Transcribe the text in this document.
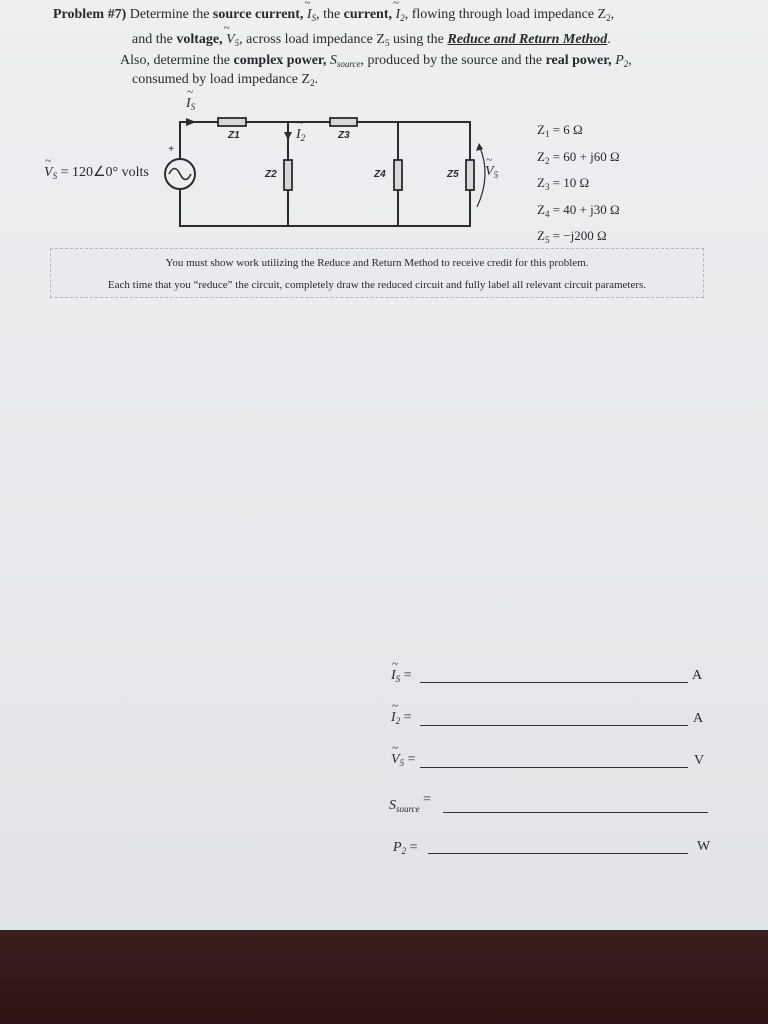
Problem #7) Determine the source current,~ $I_S$, the current,~ $I_2$, flowing through load impedance $Z_2$,
and the voltage,~ $V_5$, across load impedance $Z_5$ using the Reduce and Return Method.
Also, determine the complex power, $S_{source}$, produced by the source and the real power, $P_2$,
consumed by load impedance $Z_2$.
~ $I_S$
~ $I_2$
~ $V_5$
+
~ $V_S$ = 120∠0° volts
Z1
Z2
Z3
Z4	Z5
$Z_1 = 6$ Ω
$Z_2 = 60 + j60$ Ω
$Z_3 = 10$ Ω
$Z_4 = 40 + j30$ Ω
$Z_5 = -j200$ Ω
You must show work utilizing the Reduce and Return Method to receive credit for this problem.
Each time that you “reduce” the circuit, completely draw the reduced circuit and fully label all relevant circuit parameters.
~ $I_S$ =	A
~ $I_2$ =	A
~ $V_5$ =	V
$S_{source}$ =
$P_2$ =	W
